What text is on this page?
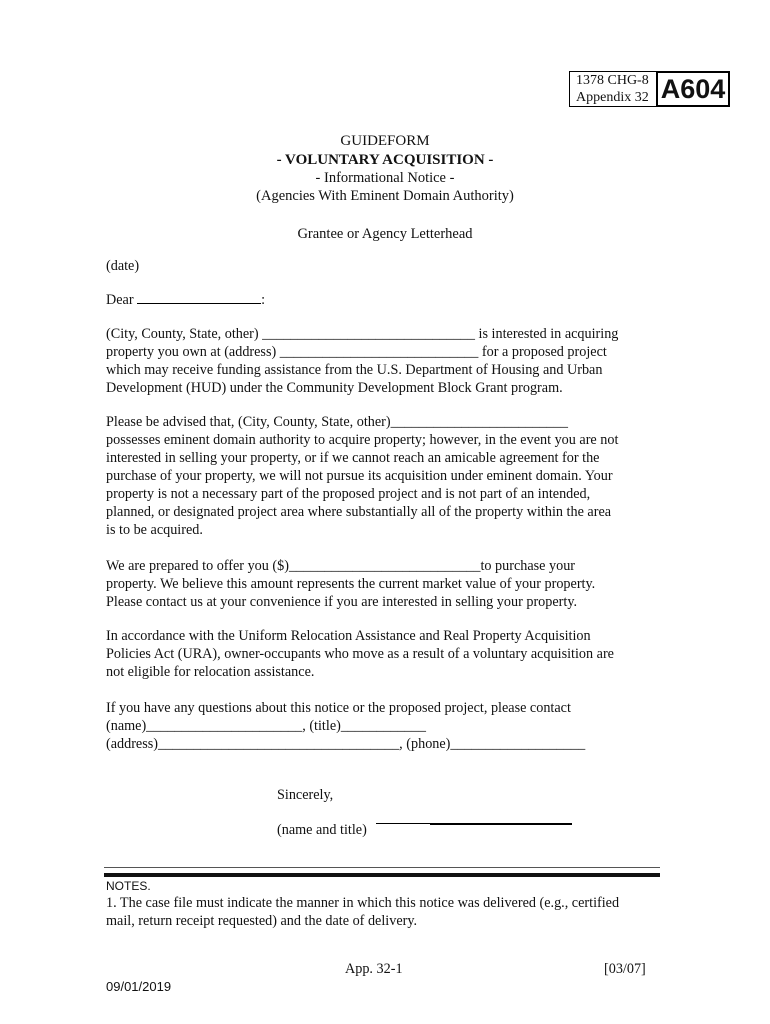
1378 CHG-8
Appendix 32 A604
GUIDEFORM
- VOLUNTARY ACQUISITION -
- Informational Notice -
(Agencies With Eminent Domain Authority)
Grantee or Agency Letterhead
(date)
Dear	:
(City, County, State, other) ______________________________ is interested in acquiring
property you own at (address) ____________________________ for a proposed project
which may receive funding assistance from the U.S. Department of Housing and Urban
Development (HUD) under the Community Development Block Grant program.
Please be advised that, (City, County, State, other)_________________________
possesses eminent domain authority to acquire property; however, in the event you are not
interested in selling your property, or if we cannot reach an amicable agreement for the
purchase of your property, we will not pursue its acquisition under eminent domain. Your
property is not a necessary part of the proposed project and is not part of an intended,
planned, or designated project area where substantially all of the property within the area
is to be acquired.
We are prepared to offer you ($)___________________________to purchase your
property. We believe this amount represents the current market value of your property.
Please contact us at your convenience if you are interested in selling your property.
In accordance with the Uniform Relocation Assistance and Real Property Acquisition
Policies Act (URA), owner-occupants who move as a result of a voluntary acquisition are
not eligible for relocation assistance.
If you have any questions about this notice or the proposed project, please contact
(name)______________________, (title)____________
(address)__________________________________, (phone)___________________
Sincerely,
(name and title)
NOTES.
1. The case file must indicate the manner in which this notice was delivered (e.g., certified
mail, return receipt requested) and the date of delivery.
App. 32-1	[03/07]
09/01/2019
